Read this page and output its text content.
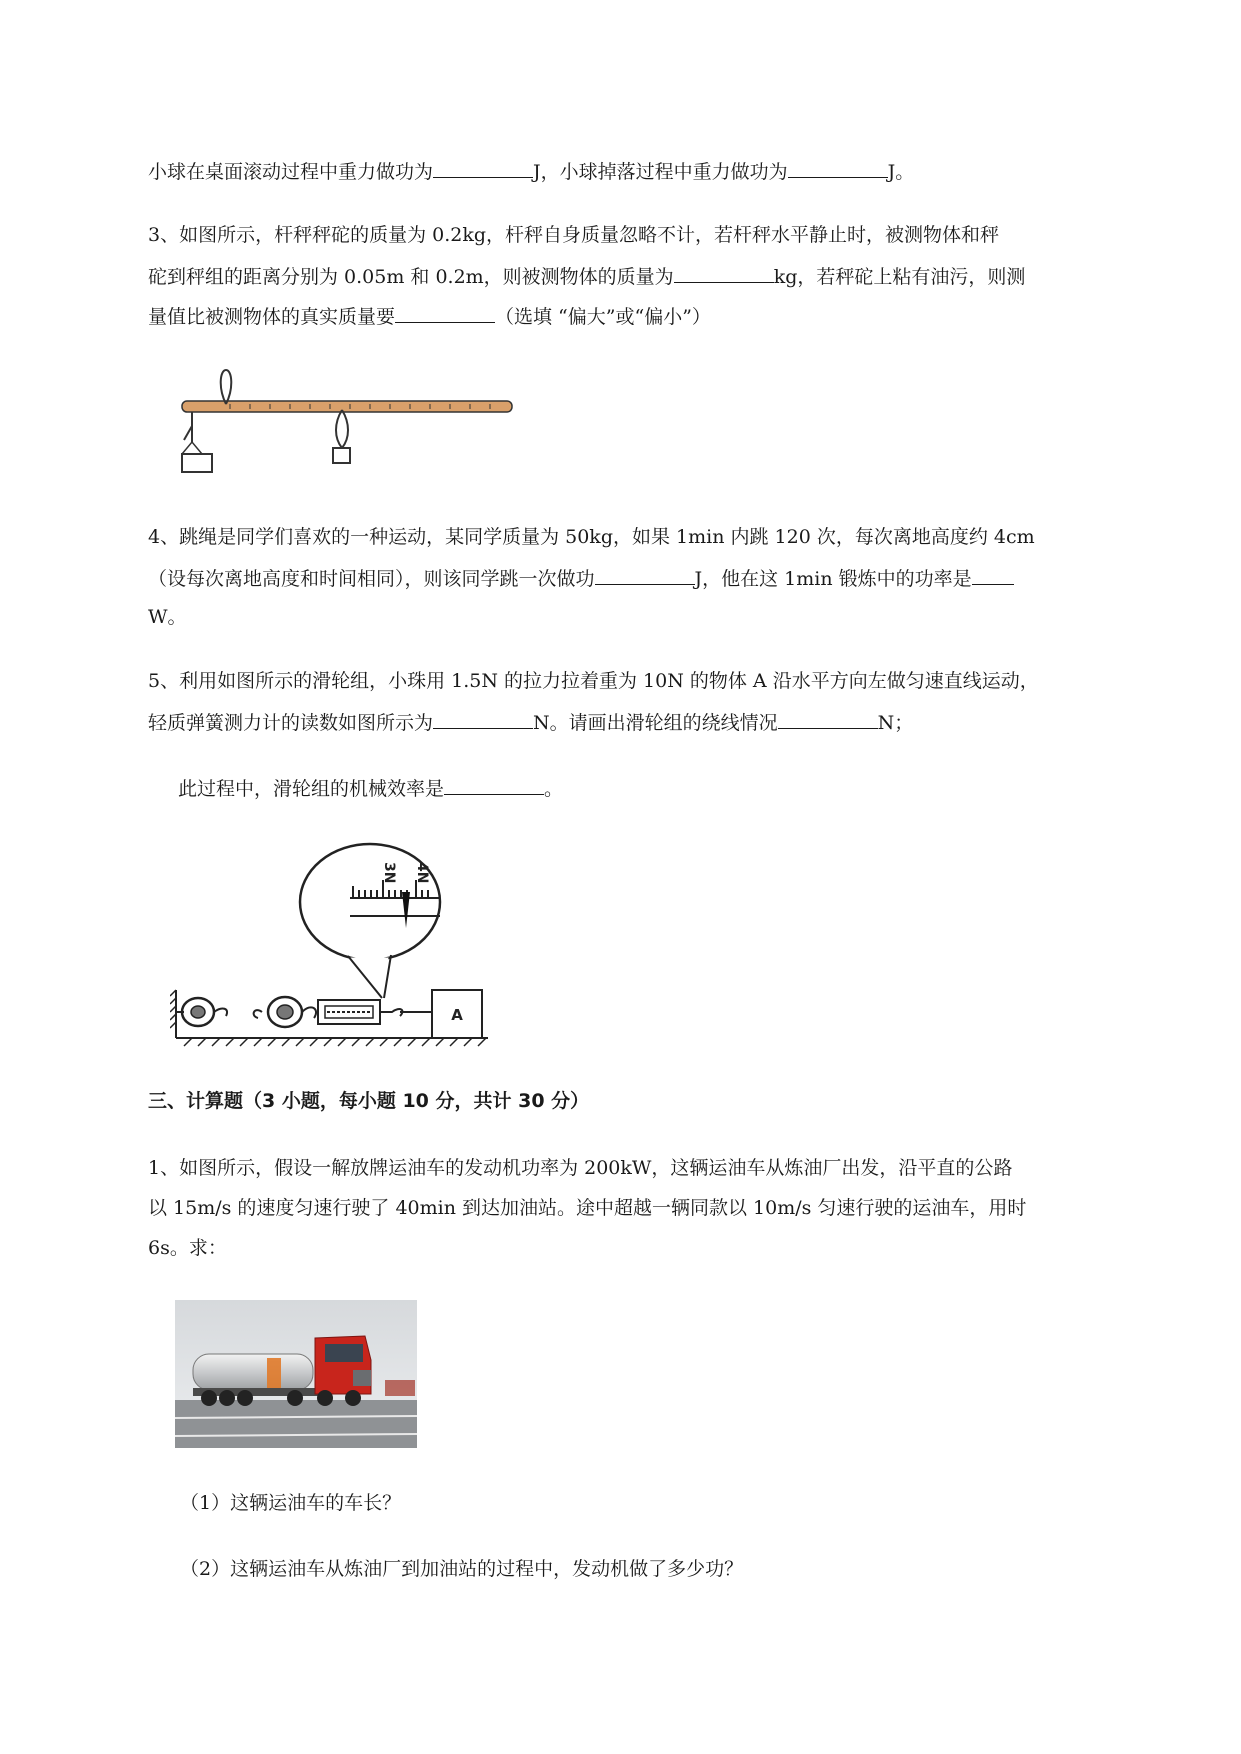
小球在桌面滚动过程中重力做功为	J，小球掉落过程中重力做功为	J。
3、如图所示，杆秤秤砣的质量为 0.2kg，杆秤自身质量忽略不计，若杆秤水平静止时，被测物体和秤
砣到秤组的距离分别为 0.05m 和 0.2m，则被测物体的质量为	kg，若秤砣上粘有油污，则测
量值比被测物体的真实质量要	（选填 “偏大”或“偏小”）
4、跳绳是同学们喜欢的一种运动，某同学质量为 50kg，如果 1min 内跳 120 次，每次离地高度约 4cm
（设每次离地高度和时间相同），则该同学跳一次做功	J，他在这 1min 锻炼中的功率是
W。
5、利用如图所示的滑轮组，小珠用 1.5N 的拉力拉着重为 10N 的物体 A 沿水平方向左做匀速直线运动，
轻质弹簧测力计的读数如图所示为	N。请画出滑轮组的绕线情况	N；
此过程中，滑轮组的机械效率是	。
3N 4N
A
三、计算题（3 小题，每小题 10 分，共计 30 分）
1、如图所示，假设一解放牌运油车的发动机功率为 200kW，这辆运油车从炼油厂出发，沿平直的公路
以 15m/s 的速度匀速行驶了 40min 到达加油站。途中超越一辆同款以 10m/s 匀速行驶的运油车，用时
6s。求：
（1）这辆运油车的车长？
（2）这辆运油车从炼油厂到加油站的过程中，发动机做了多少功？
